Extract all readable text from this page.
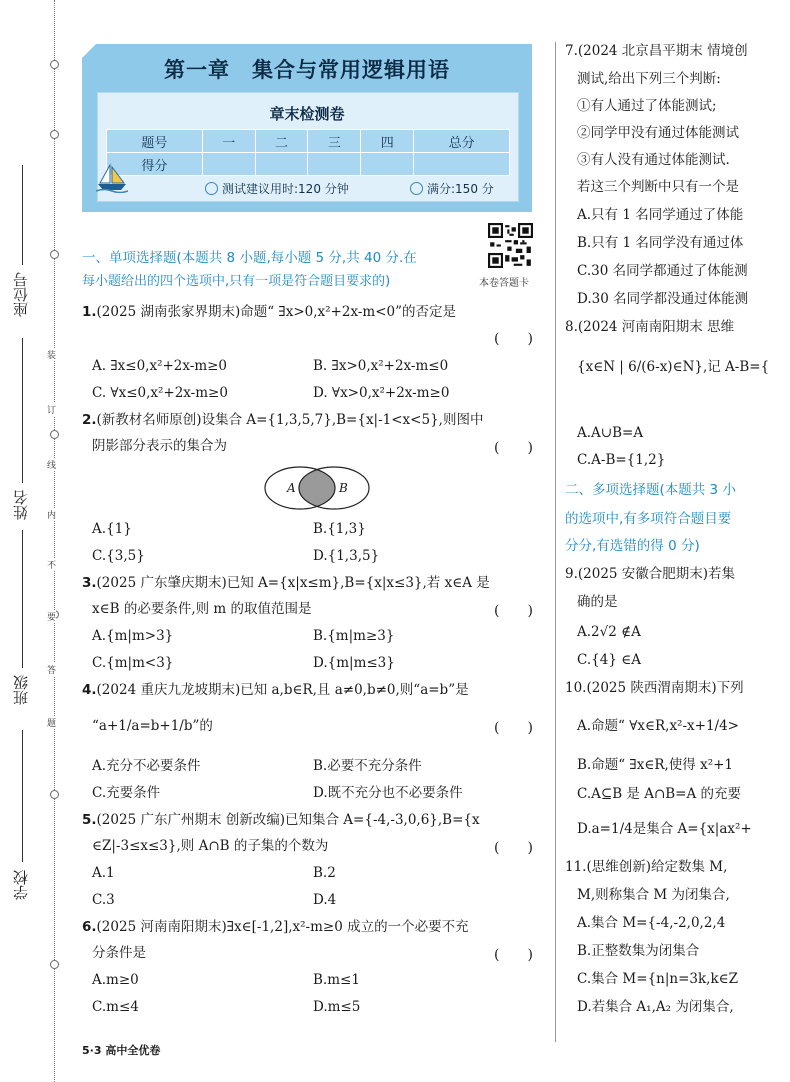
装
订
线
内
不
要
答
题
座位号
姓名
班级
学校
第一章　集合与常用逻辑用语
章末检测卷
题号	一	二	三	四	总分
得分					
测试建议用时:120 分钟	满分:150 分
本卷答题卡
一、单项选择题(本题共 8 小题,每小题 5 分,共 40 分.在
每小题给出的四个选项中,只有一项是符合题目要求的)
1.(2025 湖南张家界期末)命题“ ∃x>0,x²+2x-m<0”的否定是
(　　)
A. ∃x≤0,x²+2x-m≥0	B. ∃x>0,x²+2x-m≤0
C. ∀x≤0,x²+2x-m≥0	D. ∀x>0,x²+2x-m≥0
2.(新教材名师原创)设集合 A={1,3,5,7},B={x|-1<x<5},则图中
阴影部分表示的集合为	(　　)
A	B
A.{1}	B.{1,3}
C.{3,5}	D.{1,3,5}
3.(2025 广东肇庆期末)已知 A={x|x≤m},B={x|x≤3},若 x∈A 是
x∈B 的必要条件,则 m 的取值范围是	(　　)
A.{m|m>3}	B.{m|m≥3}
C.{m|m<3}	D.{m|m≤3}
4.(2024 重庆九龙坡期末)已知 a,b∈R,且 a≠0,b≠0,则“a=b”是
“a+1/a=b+1/b”的	(　　)
A.充分不必要条件	B.必要不充分条件
C.充要条件	D.既不充分也不必要条件
5.(2025 广东广州期末 创新改编)已知集合 A={-4,-3,0,6},B={x
∈Z|-3≤x≤3},则 A∩B 的子集的个数为	(　　)
A.1	B.2
C.3	D.4
6.(2025 河南南阳期末)∃x∈[-1,2],x²-m≥0 成立的一个必要不充
分条件是	(　　)
A.m≥0	B.m≤1
C.m≤4	D.m≤5
5·3 高中全优卷
7.(2024 北京昌平期末 情境创
测试,给出下列三个判断:
①有人通过了体能测试;
②同学甲没有通过体能测试
③有人没有通过体能测试.
若这三个判断中只有一个是
A.只有 1 名同学通过了体能
B.只有 1 名同学没有通过体
C.30 名同学都通过了体能测
D.30 名同学都没通过体能测
8.(2024 河南南阳期末 思维
{x∈N | 6/(6-x)∈N},记 A-B={
A.A∪B=A
C.A-B={1,2}
二、多项选择题(本题共 3 小
的选项中,有多项符合题目要
分分,有选错的得 0 分)
9.(2025 安徽合肥期末)若集
确的是
A.2√2 ∉A
C.{4} ∈A
10.(2025 陕西渭南期末)下列
A.命题“ ∀x∈R,x²-x+1/4>
B.命题“ ∃x∈R,使得 x²+1
C.A⊆B 是 A∩B=A 的充要
D.a=1/4是集合 A={x|ax²+
11.(思维创新)给定数集 M,
M,则称集合 M 为闭集合,
A.集合 M={-4,-2,0,2,4
B.正整数集为闭集合
C.集合 M={n|n=3k,k∈Z
D.若集合 A₁,A₂ 为闭集合,
